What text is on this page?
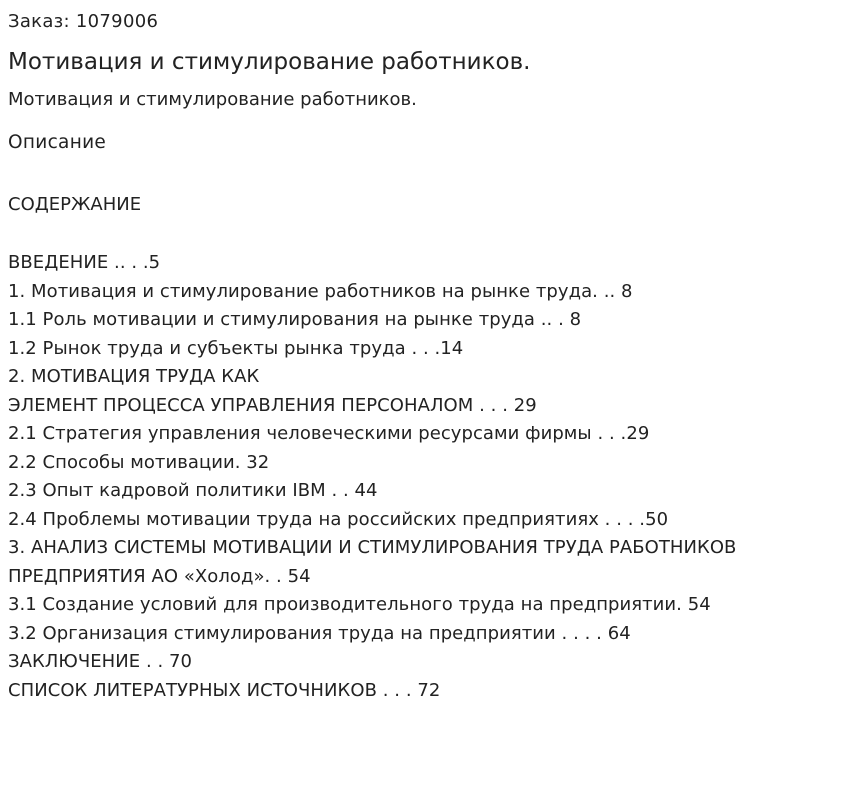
Заказ: 1079006
Мотивация и стимулирование работников.
Мотивация и стимулирование работников.
Описание
СОДЕРЖАНИЕ
ВВЕДЕНИЕ .. . .5
1. Мотивация и стимулирование работников на рынке труда. .. 8
1.1 Роль мотивации и стимулирования на рынке труда .. . 8
1.2 Рынок труда и субъекты рынка труда . . .14
2. МОТИВАЦИЯ ТРУДА КАК
ЭЛЕМЕНТ ПРОЦЕССА УПРАВЛЕНИЯ ПЕРСОНАЛОМ . . . 29
2.1 Стратегия управления человеческими ресурсами фирмы . . .29
2.2 Способы мотивации. 32
2.3 Опыт кадровой политики IBM . . 44
2.4 Проблемы мотивации труда на российских предприятиях . . . .50
3. АНАЛИЗ СИСТЕМЫ МОТИВАЦИИ И СТИМУЛИРОВАНИЯ ТРУДА РАБОТНИКОВ
ПРЕДПРИЯТИЯ АО «Холод». . 54
3.1 Создание условий для производительного труда на предприятии. 54
3.2 Организация стимулирования труда на предприятии . . . . 64
ЗАКЛЮЧЕНИЕ . . 70
СПИСОК ЛИТЕРАТУРНЫХ ИСТОЧНИКОВ . . . 72
